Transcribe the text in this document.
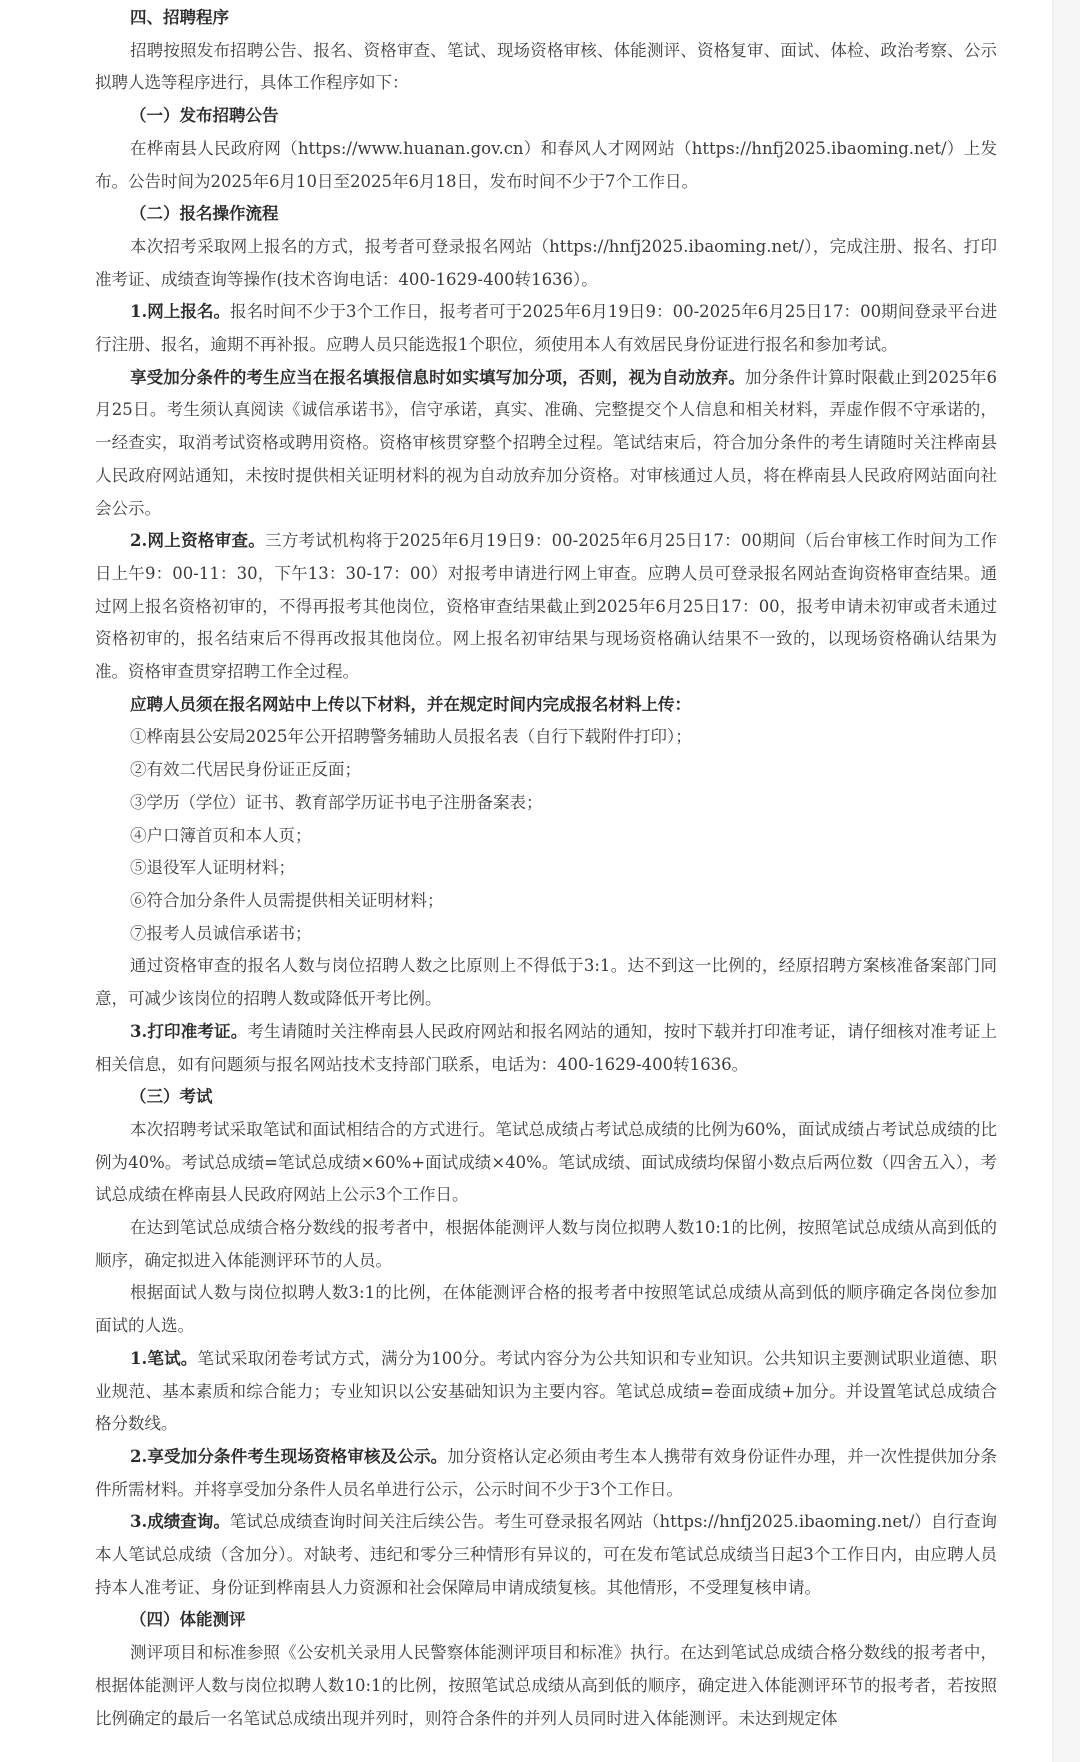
四、招聘程序

招聘按照发布招聘公告、报名、资格审查、笔试、现场资格审核、体能测评、资格复审、面试、体检、政治考察、公示拟聘人选等程序进行，具体工作程序如下：

（一）发布招聘公告

在桦南县人民政府网（https://www.huanan.gov.cn）和春风人才网网站（https://hnfj2025.ibaoming.net/）上发布。公告时间为2025年6月10日至2025年6月18日，发布时间不少于7个工作日。

（二）报名操作流程

本次招考采取网上报名的方式，报考者可登录报名网站（https://hnfj2025.ibaoming.net/），完成注册、报名、打印准考证、成绩查询等操作(技术咨询电话：400-1629-400转1636）。

1.网上报名。报名时间不少于3个工作日，报考者可于2025年6月19日9：00-2025年6月25日17：00期间登录平台进行注册、报名，逾期不再补报。应聘人员只能选报1个职位，须使用本人有效居民身份证进行报名和参加考试。

享受加分条件的考生应当在报名填报信息时如实填写加分项，否则，视为自动放弃。加分条件计算时限截止到2025年6月25日。考生须认真阅读《诚信承诺书》，信守承诺，真实、准确、完整提交个人信息和相关材料，弄虚作假不守承诺的，一经查实，取消考试资格或聘用资格。资格审核贯穿整个招聘全过程。笔试结束后，符合加分条件的考生请随时关注桦南县人民政府网站通知，未按时提供相关证明材料的视为自动放弃加分资格。对审核通过人员，将在桦南县人民政府网站面向社会公示。

2.网上资格审查。三方考试机构将于2025年6月19日9：00-2025年6月25日17：00期间（后台审核工作时间为工作日上午9：00-11：30，下午13：30-17：00）对报考申请进行网上审查。应聘人员可登录报名网站查询资格审查结果。通过网上报名资格初审的，不得再报考其他岗位，资格审查结果截止到2025年6月25日17：00，报考申请未初审或者未通过资格初审的，报名结束后不得再改报其他岗位。网上报名初审结果与现场资格确认结果不一致的，以现场资格确认结果为准。资格审查贯穿招聘工作全过程。

应聘人员须在报名网站中上传以下材料，并在规定时间内完成报名材料上传：

①桦南县公安局2025年公开招聘警务辅助人员报名表（自行下载附件打印）；

②有效二代居民身份证正反面；

③学历（学位）证书、教育部学历证书电子注册备案表；

④户口簿首页和本人页；

⑤退役军人证明材料；

⑥符合加分条件人员需提供相关证明材料；

⑦报考人员诚信承诺书；

通过资格审查的报名人数与岗位招聘人数之比原则上不得低于3:1。达不到这一比例的，经原招聘方案核准备案部门同意，可减少该岗位的招聘人数或降低开考比例。

3.打印准考证。考生请随时关注桦南县人民政府网站和报名网站的通知，按时下载并打印准考证，请仔细核对准考证上相关信息，如有问题须与报名网站技术支持部门联系，电话为：400-1629-400转1636。

（三）考试

本次招聘考试采取笔试和面试相结合的方式进行。笔试总成绩占考试总成绩的比例为60%，面试成绩占考试总成绩的比例为40%。考试总成绩=笔试总成绩×60%+面试成绩×40%。笔试成绩、面试成绩均保留小数点后两位数（四舍五入），考试总成绩在桦南县人民政府网站上公示3个工作日。

在达到笔试总成绩合格分数线的报考者中，根据体能测评人数与岗位拟聘人数10:1的比例，按照笔试总成绩从高到低的顺序，确定拟进入体能测评环节的人员。

根据面试人数与岗位拟聘人数3:1的比例，在体能测评合格的报考者中按照笔试总成绩从高到低的顺序确定各岗位参加面试的人选。

1.笔试。笔试采取闭卷考试方式，满分为100分。考试内容分为公共知识和专业知识。公共知识主要测试职业道德、职业规范、基本素质和综合能力；专业知识以公安基础知识为主要内容。笔试总成绩=卷面成绩+加分。并设置笔试总成绩合格分数线。

2.享受加分条件考生现场资格审核及公示。加分资格认定必须由考生本人携带有效身份证件办理，并一次性提供加分条件所需材料。并将享受加分条件人员名单进行公示，公示时间不少于3个工作日。

3.成绩查询。笔试总成绩查询时间关注后续公告。考生可登录报名网站（https://hnfj2025.ibaoming.net/）自行查询本人笔试总成绩（含加分）。对缺考、违纪和零分三种情形有异议的，可在发布笔试总成绩当日起3个工作日内，由应聘人员持本人准考证、身份证到桦南县人力资源和社会保障局申请成绩复核。其他情形，不受理复核申请。

（四）体能测评

测评项目和标准参照《公安机关录用人民警察体能测评项目和标准》执行。在达到笔试总成绩合格分数线的报考者中，根据体能测评人数与岗位拟聘人数10:1的比例，按照笔试总成绩从高到低的顺序，确定进入体能测评环节的报考者，若按照比例确定的最后一名笔试总成绩出现并列时，则符合条件的并列人员同时进入体能测评。未达到规定体
